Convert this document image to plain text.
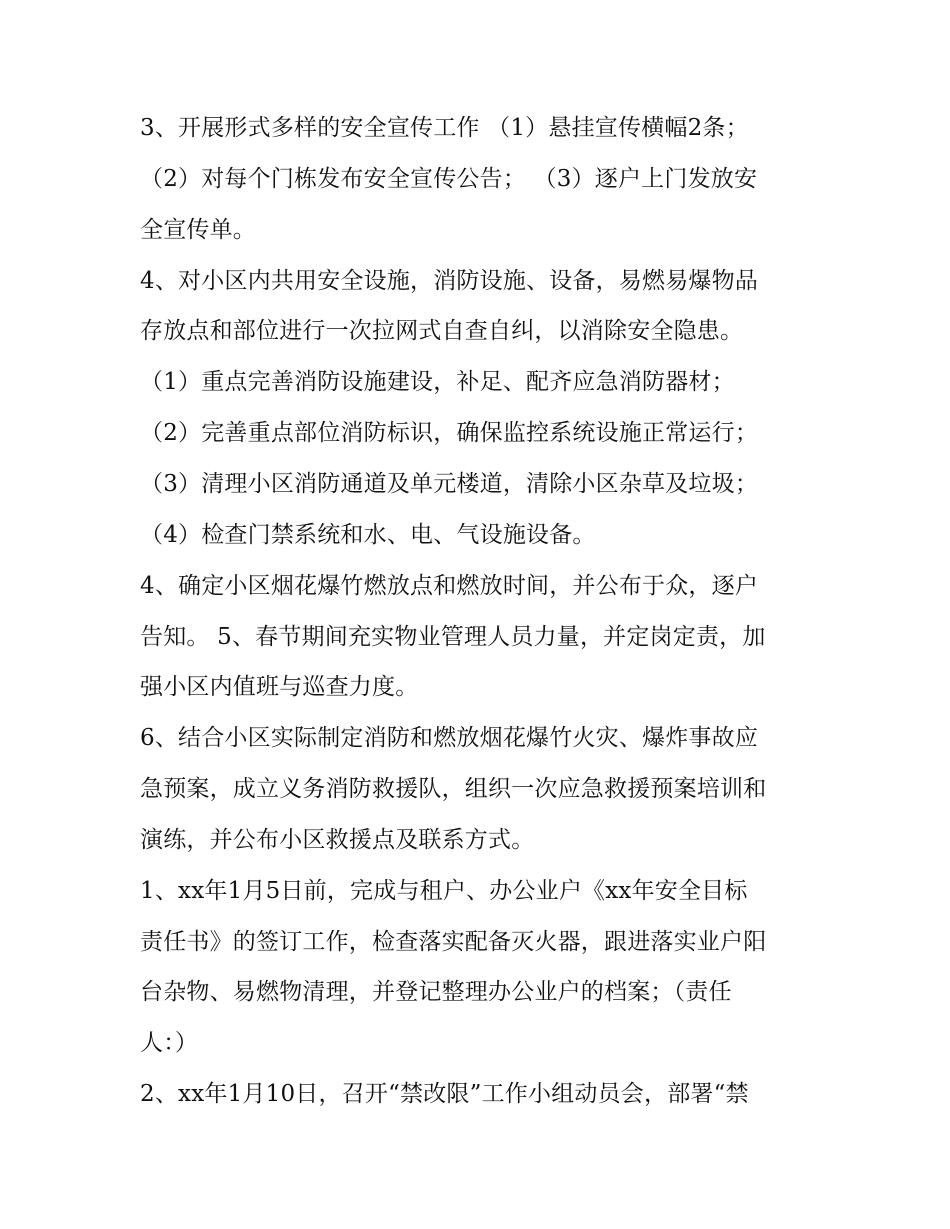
3、开展形式多样的安全宣传工作 （1）悬挂宣传横幅2条；
（2）对每个门栋发布安全宣传公告； （3）逐户上门发放安
全宣传单。
4、对小区内共用安全设施，消防设施、设备，易燃易爆物品
存放点和部位进行一次拉网式自查自纠，以消除安全隐患。
（1）重点完善消防设施建设，补足、配齐应急消防器材；
（2）完善重点部位消防标识，确保监控系统设施正常运行；
（3）清理小区消防通道及单元楼道，清除小区杂草及垃圾；
（4）检查门禁系统和水、电、气设施设备。
4、确定小区烟花爆竹燃放点和燃放时间，并公布于众，逐户
告知。 5、春节期间充实物业管理人员力量，并定岗定责，加
强小区内值班与巡查力度。
6、结合小区实际制定消防和燃放烟花爆竹火灾、爆炸事故应
急预案，成立义务消防救援队，组织一次应急救援预案培训和
演练，并公布小区救援点及联系方式。
1、xx年1月5日前，完成与租户、办公业户《xx年安全目标
责任书》的签订工作，检查落实配备灭火器，跟进落实业户阳
台杂物、易燃物清理，并登记整理办公业户的档案；（责任
人：）
2、xx年1月10日，召开“禁改限”工作小组动员会，部署“禁
